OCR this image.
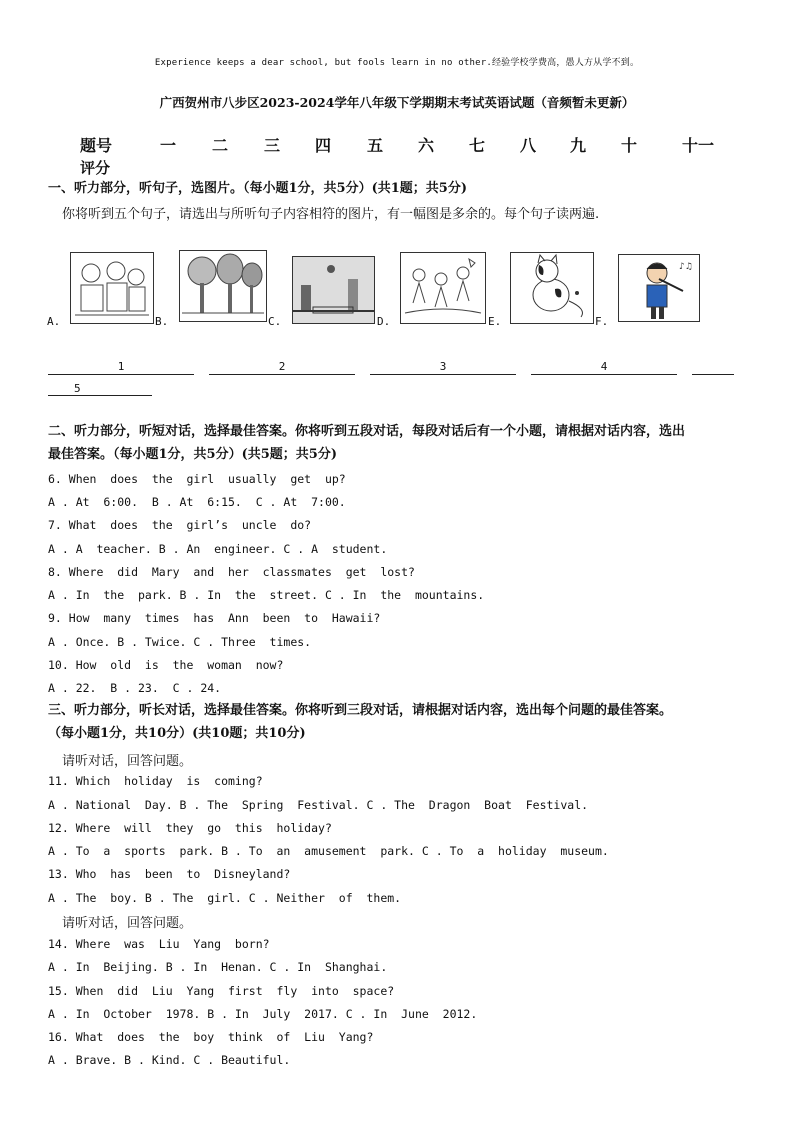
Experience keeps a dear school, but fools learn in no other.经验学校学费高，愚人方从学不到。
广西贺州市八步区2023-2024学年八年级下学期期末考试英语试题（音频暂未更新）
题号	一 二 三 四 五 六 七 八 九 十	十一
评分
一、听力部分，听句子，选图片。（每小题1分，共5分）(共1题；共5分)
你将听到五个句子，请选出与所听句子内容相符的图片，有一幅图是多余的。每个句子读两遍.
A.	B.	C.	D.	E.	F.
♪♫
1	2	3	4
5
二、听力部分，听短对话，选择最佳答案。你将听到五段对话，每段对话后有一个小题，请根据对话内容，选出
最佳答案。（每小题1分，共5分）(共5题；共5分)
6. When  does  the  girl  usually  get  up?
A . At  6:00.  B . At  6:15.  C . At  7:00.
7. What  does  the  girl’s  uncle  do?
A . A  teacher. B . An  engineer. C . A  student.
8. Where  did  Mary  and  her  classmates  get  lost?
A . In  the  park. B . In  the  street. C . In  the  mountains.
9. How  many  times  has  Ann  been  to  Hawaii?
A . Once. B . Twice. C . Three  times.
10. How  old  is  the  woman  now?
A . 22.  B . 23.  C . 24.
三、听力部分，听长对话，选择最佳答案。你将听到三段对话，请根据对话内容，选出每个问题的最佳答案。
（每小题1分，共10分）(共10题；共10分)
请听对话，回答问题。
11. Which  holiday  is  coming?
A . National  Day. B . The  Spring  Festival. C . The  Dragon  Boat  Festival.
12. Where  will  they  go  this  holiday?
A . To  a  sports  park. B . To  an  amusement  park. C . To  a  holiday  museum.
13. Who  has  been  to  Disneyland?
A . The  boy. B . The  girl. C . Neither  of  them.
请听对话，回答问题。
14. Where  was  Liu  Yang  born?
A . In  Beijing. B . In  Henan. C . In  Shanghai.
15. When  did  Liu  Yang  first  fly  into  space?
A . In  October  1978. B . In  July  2017. C . In  June  2012.
16. What  does  the  boy  think  of  Liu  Yang?
A . Brave. B . Kind. C . Beautiful.
